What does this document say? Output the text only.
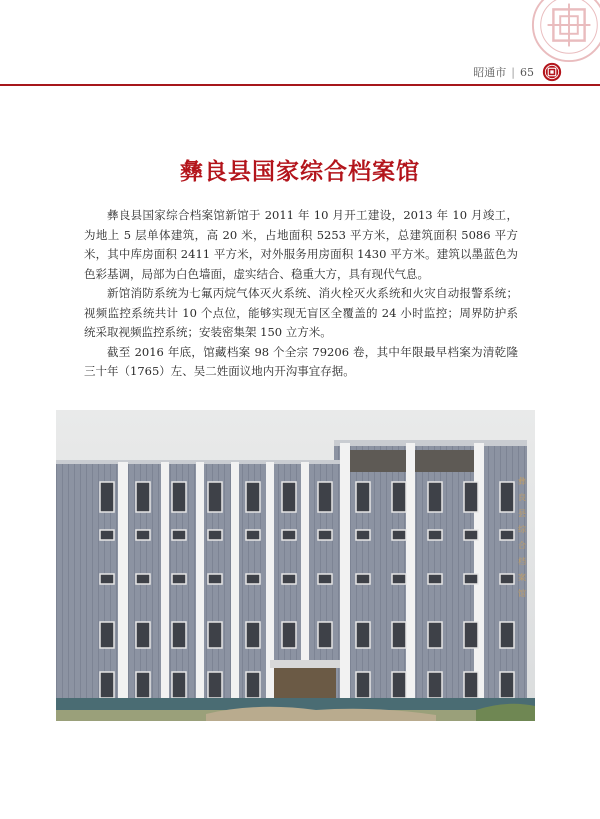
昭通市 | 65
彝良县国家综合档案馆

彝良县国家综合档案馆新馆于 2011 年 10 月开工建设，2013 年 10 月竣工，为地上 5 层单体建筑，高 20 米，占地面积 5253 平方米，总建筑面积 5086 平方米，其中库房面积 2411 平方米，对外服务用房面积 1430 平方米。建筑以墨蓝色为色彩基调，局部为白色墙面，虚实结合、稳重大方，具有现代气息。

新馆消防系统为七氟丙烷气体灭火系统、消火栓灭火系统和火灾自动报警系统；视频监控系统共计 10 个点位，能够实现无盲区全覆盖的 24 小时监控；周界防护系统采取视频监控系统；安装密集架 150 立方米。

截至 2016 年底，馆藏档案 98 个全宗 79206 卷，其中年限最早档案为清乾隆三十年（1765）左、吴二姓面议地内开沟事宜存据。

彝
良
县
综
合
档
案
馆
